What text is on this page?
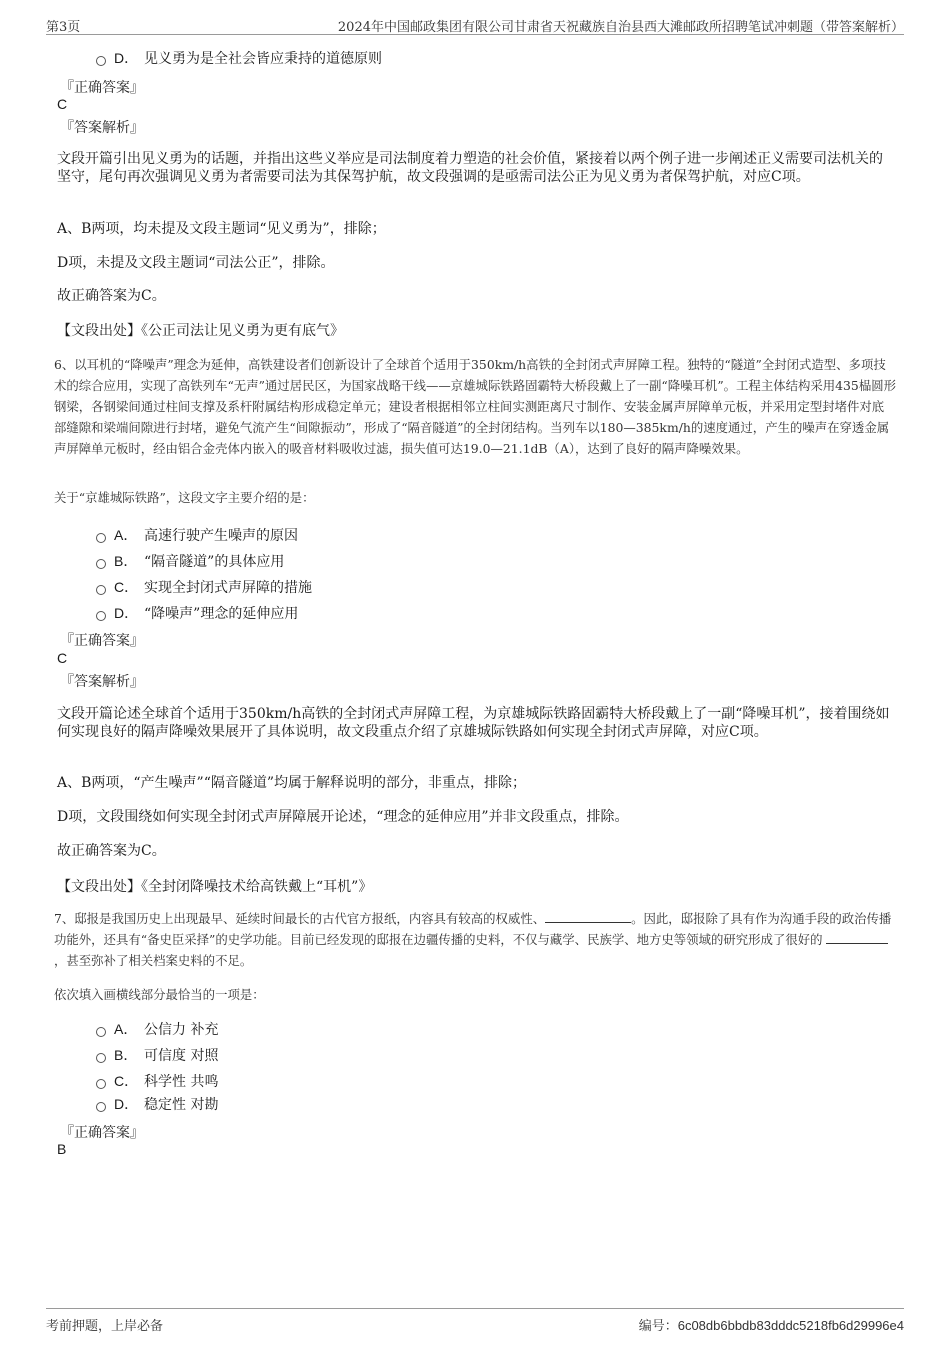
第3页	2024年中国邮政集团有限公司甘肃省天祝藏族自治县西大滩邮政所招聘笔试冲刺题（带答案解析）
D． 见义勇为是全社会皆应秉持的道德原则
『正确答案』
C
『答案解析』
文段开篇引出见义勇为的话题，并指出这些义举应是司法制度着力塑造的社会价值，紧接着以两个例子进一步阐述正义需要司法机关的坚守，尾句再次强调见义勇为者需要司法为其保驾护航，故文段强调的是亟需司法公正为见义勇为者保驾护航，对应C项。
A、B两项，均未提及文段主题词“见义勇为”，排除；
D项，未提及文段主题词“司法公正”，排除。
故正确答案为C。
【文段出处】《公正司法让见义勇为更有底气》
6、以耳机的“降噪声”理念为延伸，高铁建设者们创新设计了全球首个适用于350km/h高铁的全封闭式声屏障工程。独特的“隧道”全封闭式造型、多项技术的综合应用，实现了高铁列车“无声”通过居民区，为国家战略干线——京雄城际铁路固霸特大桥段戴上了一副“降噪耳机”。工程主体结构采用435榀圆形钢梁，各钢梁间通过柱间支撑及系杆附属结构形成稳定单元；建设者根据相邻立柱间实测距离尺寸制作、安装金属声屏障单元板，并采用定型封堵件对底部缝隙和梁端间隙进行封堵，避免气流产生“间隙振动”，形成了“隔音隧道”的全封闭结构。当列车以180—385km/h的速度通过，产生的噪声在穿透金属声屏障单元板时，经由铝合金壳体内嵌入的吸音材料吸收过滤，损失值可达19.0—21.1dB（A），达到了良好的隔声降噪效果。
关于“京雄城际铁路”，这段文字主要介绍的是：
A． 高速行驶产生噪声的原因
B． “隔音隧道”的具体应用
C． 实现全封闭式声屏障的措施
D． “降噪声”理念的延伸应用
『正确答案』
C
『答案解析』
文段开篇论述全球首个适用于350km/h高铁的全封闭式声屏障工程，为京雄城际铁路固霸特大桥段戴上了一副“降噪耳机”，接着围绕如何实现良好的隔声降噪效果展开了具体说明，故文段重点介绍了京雄城际铁路如何实现全封闭式声屏障，对应C项。
A、B两项，“产生噪声”“隔音隧道”均属于解释说明的部分，非重点，排除；
D项，文段围绕如何实现全封闭式声屏障展开论述，“理念的延伸应用”并非文段重点，排除。
故正确答案为C。
【文段出处】《全封闭降噪技术给高铁戴上“耳机”》
7、邸报是我国历史上出现最早、延续时间最长的古代官方报纸，内容具有较高的权威性、	。因此，邸报除了具有作为沟通手段的政治传播功能外，还具有“备史臣采择”的史学功能。目前已经发现的邸报在边疆传播的史料，不仅与藏学、民族学、地方史等领域的研究形成了很好的 ，甚至弥补了相关档案史料的不足。
依次填入画横线部分最恰当的一项是：
A． 公信力 补充
B． 可信度 对照
C． 科学性 共鸣
D． 稳定性 对勘
『正确答案』
B
考前押题，上岸必备	编号：6c08db6bbdb83dddc5218fb6d29996e4
